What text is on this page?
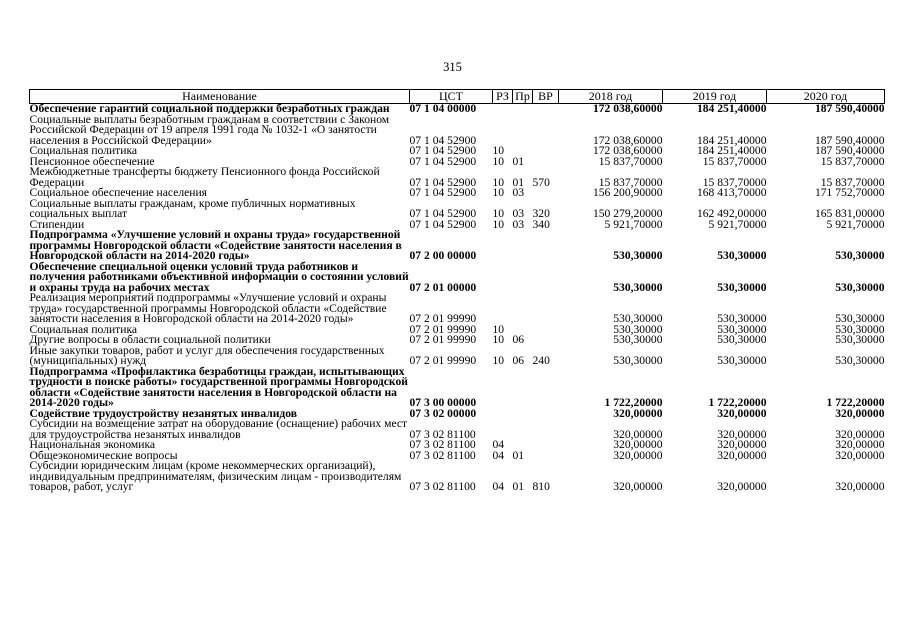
315
Наименование	ЦСТ	РЗ	Пр	ВР	2018 год	2019 год	2020 год
Обеспечение гарантий социальной поддержки безработных граждан	07 1 04 00000				172 038,60000	184 251,40000	187 590,40000
Социальные выплаты безработным гражданам в соответствии с Законом Российской Федерации от 19 апреля 1991 года № 1032-1 «О занятости населения в Российской Федерации»	07 1 04 52900				172 038,60000	184 251,40000	187 590,40000
Социальная политика	07 1 04 52900	10			172 038,60000	184 251,40000	187 590,40000
Пенсионное обеспечение	07 1 04 52900	10	01		15 837,70000	15 837,70000	15 837,70000
Межбюджетные трансферты бюджету Пенсионного фонда Российской Федерации	07 1 04 52900	10	01	570	15 837,70000	15 837,70000	15 837,70000
Социальное обеспечение населения	07 1 04 52900	10	03		156 200,90000	168 413,70000	171 752,70000
Социальные выплаты гражданам, кроме публичных нормативных социальных выплат	07 1 04 52900	10	03	320	150 279,20000	162 492,00000	165 831,00000
Стипендии	07 1 04 52900	10	03	340	5 921,70000	5 921,70000	5 921,70000
Подпрограмма «Улучшение условий и охраны труда» государственной программы Новгородской области «Содействие занятости населения в Новгородской области на 2014-2020 годы»	07 2 00 00000				530,30000	530,30000	530,30000
Обеспечение специальной оценки условий труда работников и получения работниками объективной информации о состоянии условий и охраны труда на рабочих местах	07 2 01 00000				530,30000	530,30000	530,30000
Реализация мероприятий подпрограммы «Улучшение условий и охраны труда» государственной программы Новгородской области «Содействие занятости населения в Новгородской области на 2014-2020 годы»	07 2 01 99990				530,30000	530,30000	530,30000
Социальная политика	07 2 01 99990	10			530,30000	530,30000	530,30000
Другие вопросы в области социальной политики	07 2 01 99990	10	06		530,30000	530,30000	530,30000
Иные закупки товаров, работ и услуг для обеспечения государственных (муниципальных) нужд	07 2 01 99990	10	06	240	530,30000	530,30000	530,30000
Подпрограмма «Профилактика безработицы граждан, испытывающих трудности в поиске работы» государственной программы Новгородской области «Содействие занятости населения в Новгородской области на 2014-2020 годы»	07 3 00 00000				1 722,20000	1 722,20000	1 722,20000
Содействие трудоустройству незанятых инвалидов	07 3 02 00000				320,00000	320,00000	320,00000
Субсидии на возмещение затрат на оборудование (оснащение) рабочих мест для трудоустройства незанятых инвалидов	07 3 02 81100				320,00000	320,00000	320,00000
Национальная экономика	07 3 02 81100	04			320,00000	320,00000	320,00000
Общеэкономические вопросы	07 3 02 81100	04	01		320,00000	320,00000	320,00000
Субсидии юридическим лицам (кроме некоммерческих организаций), индивидуальным предпринимателям, физическим лицам - производителям товаров, работ, услуг	07 3 02 81100	04	01	810	320,00000	320,00000	320,00000
